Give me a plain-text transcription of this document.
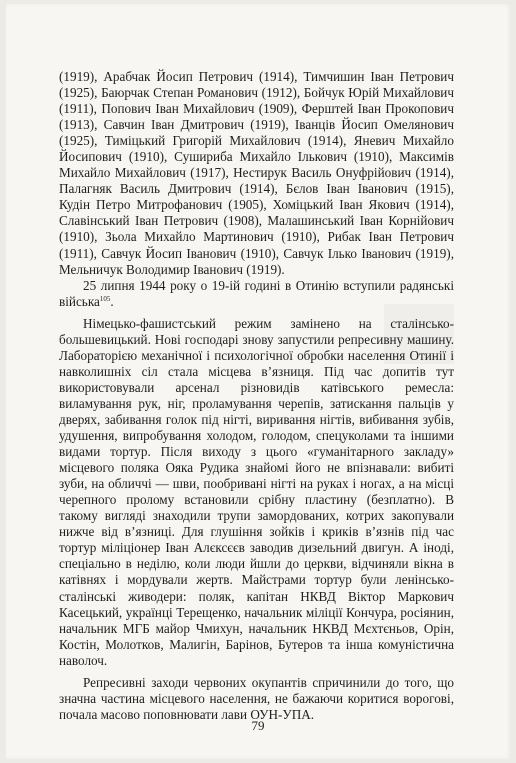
(1919), Арабчак Йосип Петрович (1914), Тимчишин Іван Петрович (1925), Баюрчак Степан Романович (1912), Бойчук Юрій Михайлович (1911), Попович Іван Михайлович (1909), Ферштей Іван Прокопович (1913), Савчин Іван Дмитрович (1919), Іванців Йосип Омелянович (1925), Тиміцький Григорій Михайлович (1914), Яневич Михайло Йосипович (1910), Сушириба Михайло Ількович (1910), Максимів Михайло Михайлович (1917), Нестирук Василь Онуфрійович (1914), Палагняк Василь Дмитрович (1914), Бєлов Іван Іванович (1915), Кудін Петро Митрофанович (1905), Хоміцький Іван Якович (1914), Славінський Іван Петрович (1908), Малашинський Іван Корнійович (1910), Зьола Михайло Мартинович (1910), Рибак Іван Петрович (1911), Савчук Йосип Іванович (1910), Савчук Ілько Іванович (1919), Мельничук Володимир Іванович (1919).

25 липня 1944 року о 19-ій годині в Отинію вступили радянські війська$^{105}$.

Німецько-фашистський режим замінено на сталінсько-большевицький. Нові господарі знову запустили репресивну машину. Лабораторією механічної і психологічної обробки населення Отинії і навколишніх сіл стала місцева в’язниця. Під час допитів тут використовували арсенал різновидів катівського ремесла: виламування рук, ніг, проламування черепів, затискання пальців у дверях, забивання голок під нігті, виривання нігтів, вибивання зубів, удушення, випробування холодом, голодом, спецуколами та іншими видами тортур. Після виходу з цього «гуманітарного закладу» місцевого поляка Ояка Рудика знайомі його не впізнавали: вибиті зуби, на обличчі — шви, пообривані нігті на руках і ногах, а на місці черепного пролому встановили срібну пластину (безплатно). В такому вигляді знаходили трупи замордованих, котрих закопували нижче від в’язниці. Для глушіння зойків і криків в’язнів під час тортур міліціонер Іван Алєксєєв заводив дизельний двигун. А іноді, спеціально в неділю, коли люди йшли до церкви, відчиняли вікна в катівнях і мордували жертв. Майстрами тортур були ленінсько-сталінські живодери: поляк, капітан НКВД Віктор Маркович Касецький, українці Терещенко, начальник міліції Кончура, росіянин, начальник МГБ майор Чмихун, начальник НКВД Мєхтєньов, Орін, Костін, Молотков, Малигін, Барінов, Бутеров та інша комуністична наволоч.

Репресивні заходи червоних окупантів спричинили до того, що значна частина місцевого населення, не бажаючи коритися ворогові, почала масово поповнювати лави ОУН-УПА.

79
